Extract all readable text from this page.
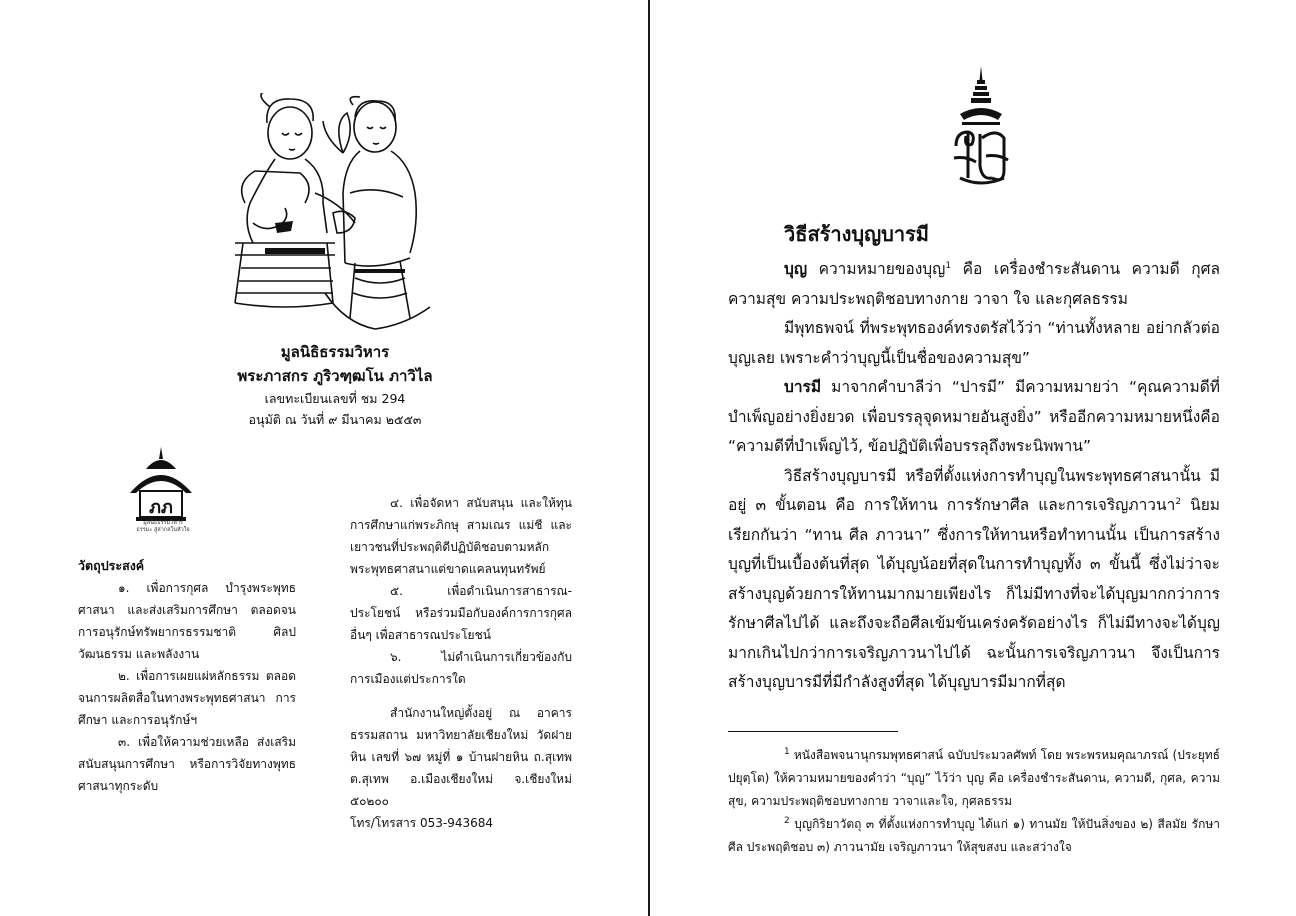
มูลนิธิธรรมวิหาร
พระภาสกร ภูริวฑฺฒโน ภาวิไล
เลขทะเบียนเลขที่ ชม 294
อนุมัติ ณ วันที่ ๙ มีนาคม ๒๕๕๓
ภภ
มูลนิธิธรรมวิหาร
ธรรมะ สู่สากลในหัวใจ
วัตถุประสงค์

๑. เพื่อการกุศล บำรุงพระพุทธศาสนา และส่งเสริมการศึกษา ตลอดจนการอนุรักษ์ทรัพยากรธรรมชาติ ศิลปวัฒนธรรม และพลังงาน

๒. เพื่อการเผยแผ่หลักธรรม ตลอดจนการผลิตสื่อในทางพระพุทธศาสนา การศึกษา และการอนุรักษ์ฯ

๓. เพื่อให้ความช่วยเหลือ ส่งเสริม สนับสนุนการศึกษา หรือการวิจัยทางพุทธศาสนาทุกระดับ

๔. เพื่อจัดหา สนับสนุน และให้ทุนการศึกษาแก่พระภิกษุ สามเณร แม่ชี และเยาวชนที่ประพฤติดีปฏิบัติชอบตามหลักพระพุทธศาสนาแต่ขาดแคลนทุนทรัพย์

๕. เพื่อดำเนินการสาธารณ-ประโยชน์ หรือร่วมมือกับองค์การการกุศลอื่นๆ เพื่อสาธารณประโยชน์

๖. ไม่ดำเนินการเกี่ยวข้องกับการเมืองแต่ประการใด

สำนักงานใหญ่ตั้งอยู่ ณ อาคารธรรมสถาน มหาวิทยาลัยเชียงใหม่ วัดฝายหิน เลขที่ ๖๗ หมู่ที่ ๑ บ้านฝายหิน ถ.สุเทพ ต.สุเทพ อ.เมืองเชียงใหม่ จ.เชียงใหม่ ๕๐๒๐๐

โทร/โทรสาร 053-943684

วิธีสร้างบุญบารมี

บุญ ความหมายของบุญ$^1$ คือ เครื่องชำระสันดาน ความดี กุศล ความสุข ความประพฤติชอบทางกาย วาจา ใจ และกุศลธรรม

มีพุทธพจน์ ที่พระพุทธองค์ทรงตรัสไว้ว่า “ท่านทั้งหลาย อย่ากลัวต่อบุญเลย เพราะคำว่าบุญนี้เป็นชื่อของความสุข”

บารมี มาจากคำบาลีว่า “ปารมี” มีความหมายว่า “คุณความดีที่บำเพ็ญอย่างยิ่งยวด เพื่อบรรลุจุดหมายอันสูงยิ่ง” หรืออีกความหมายหนึ่งคือ “ความดีที่บำเพ็ญไว้, ข้อปฏิบัติเพื่อบรรลุถึงพระนิพพาน”

วิธีสร้างบุญบารมี หรือที่ตั้งแห่งการทำบุญในพระพุทธศาสนานั้น มีอยู่ ๓ ขั้นตอน คือ การให้ทาน การรักษาศีล และการเจริญภาวนา$^2$ นิยมเรียกกันว่า “ทาน ศีล ภาวนา” ซึ่งการให้ทานหรือทำทานนั้น เป็นการสร้างบุญที่เป็นเบื้องต้นที่สุด ได้บุญน้อยที่สุดในการทำบุญทั้ง ๓ ขั้นนี้ ซึ่งไม่ว่าจะสร้างบุญด้วยการให้ทานมากมายเพียงไร ก็ไม่มีทางที่จะได้บุญมากกว่าการรักษาศีลไปได้ และถึงจะถือศีลเข้มข้นเคร่งครัดอย่างไร ก็ไม่มีทางจะได้บุญมากเกินไปกว่าการเจริญภาวนาไปได้ ฉะนั้นการเจริญภาวนา จึงเป็นการสร้างบุญบารมีที่มีกำลังสูงที่สุด ได้บุญบารมีมากที่สุด

$^1$ หนังสือพจนานุกรมพุทธศาสน์ ฉบับประมวลศัพท์ โดย พระพรหมคุณาภรณ์ (ประยุทธ์ ปยุตฺโต) ให้ความหมายของคำว่า “บุญ” ไว้ว่า บุญ คือ เครื่องชำระสันดาน, ความดี, กุศล, ความสุข, ความประพฤติชอบทางกาย วาจาและใจ, กุศลธรรม

$^2$ บุญกิริยาวัตถุ ๓ ที่ตั้งแห่งการทำบุญ ได้แก่ ๑) ทานมัย ให้ปันสิ่งของ ๒) สีลมัย รักษาศีล ประพฤติชอบ ๓) ภาวนามัย เจริญภาวนา ให้สุขสงบ และสว่างใจ
